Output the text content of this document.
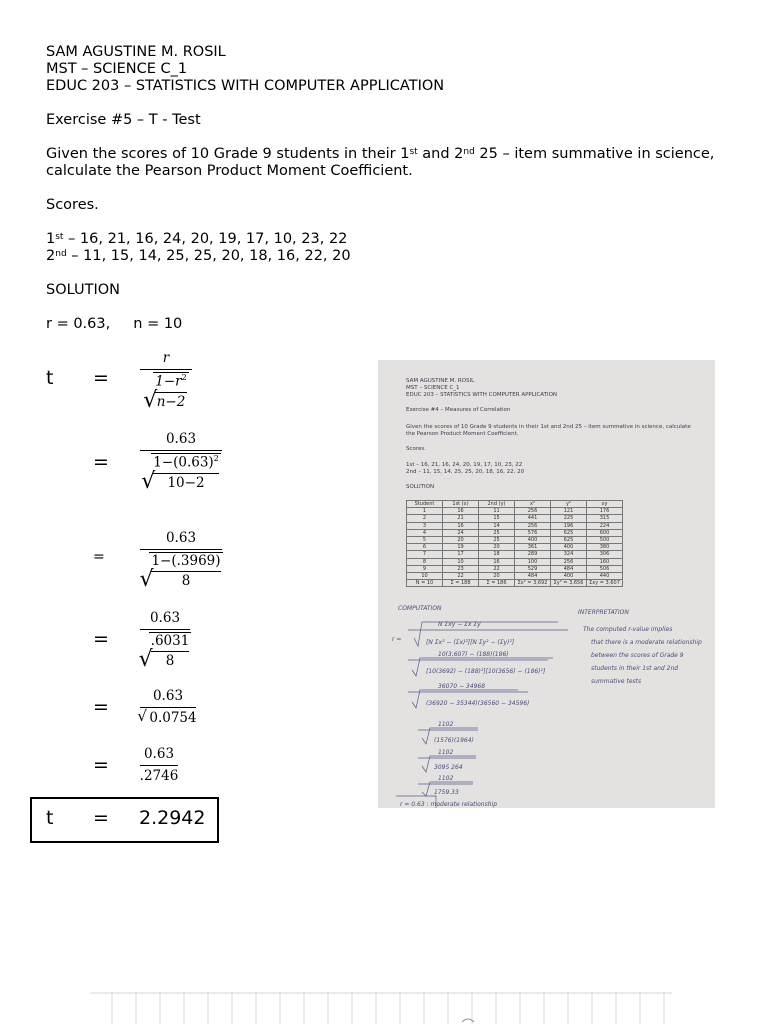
SAM AGUSTINE M. ROSIL
MST – SCIENCE C_1
EDUC 203 – STATISTICS WITH COMPUTER APPLICATION
Exercise #5 – T - Test
Given the scores of 10 Grade 9 students in their 1st and 2nd 25 – item summative in science, calculate the Pearson Product Moment Coefficient.
Scores.
1st – 16, 21, 16, 24, 20, 19, 17, 10, 23, 22
2nd – 11, 15, 14, 25, 25, 20, 18, 16, 22, 20
SOLUTION
r = 0.63,     n = 10
t =
r
√
$1-r^2$
n−2
=
0.63
√
$1-(0.63)^2$
10−2
=
0.63
√
$\frac{1-(.3969)}{8}$
=
0.63
√
$\frac{.6031}{8}$
=	0.63
√ 0.0754
=	0.63
.2746
t = 2.2942
SAM AGUSTINE M. ROSIL
MST – SCIENCE C_1
EDUC 203 – STATISTICS WITH COMPUTER APPLICATION
Exercise #4 – Measures of Correlation
Given the scores of 10 Grade 9 students in their 1st and 2nd 25 – item summative in science, calculate
the Pearson Product Moment Coefficient.
Scores.
1st – 16, 21, 16, 24, 20, 19, 17, 10, 23, 22
2nd – 11, 15, 14, 25, 25, 20, 18, 16, 22, 20
SOLUTION
Student	1st (x)	2nd (y)	x²	y²	xy
1	16	11	256	121	176
2	21	15	441	225	315
3	16	14	256	196	224
4	24	25	576	625	600
5	20	25	400	625	500
6	19	20	361	400	380
7	17	18	289	324	306
8	10	16	100	256	160
9	23	22	529	484	506
10	22	20	484	400	440
N = 10	Σ = 188	Σ = 186	Σx² = 3,692	Σy² = 3,656	Σxy = 3,607
COMPUTATION
INTERPRETATION
The computed r-value implies
that there is a moderate relationship
between the scores of Grade 9
students in their 1st and 2nd
summative tests
r =
N Σxy − Σx Σy
[N Σx² − (Σx)²][N Σy² − (Σy)²]
10(3,607) − (188)(186)
[10(3692) − (188)²][10(3656) − (186)²]
36070 − 34968
(36920 − 35344)(36560 − 34596)
1102
(1576)(1964)
1102
3095 264
1102
1759.33
r = 0.63 : moderate relationship
